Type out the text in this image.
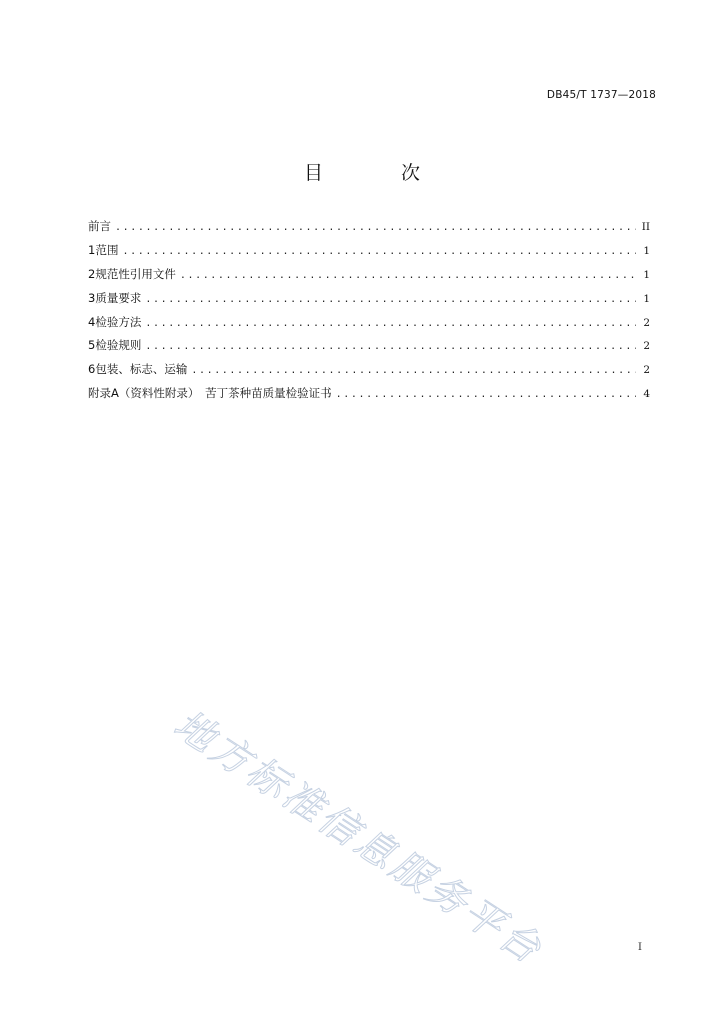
DB45/T 1737—2018
目 次
前言 .....	II
1 范围 .....	1
2 规范性引用文件 .....	1
3 质量要求 .....	1
4 检验方法 .....	2
5 检验规则 .....	2
6 包装、标志、运输 .....	2
附录A（资料性附录）　苦丁茶种苗质量检验证书 .....	4
地方标准信息服务平台	I
